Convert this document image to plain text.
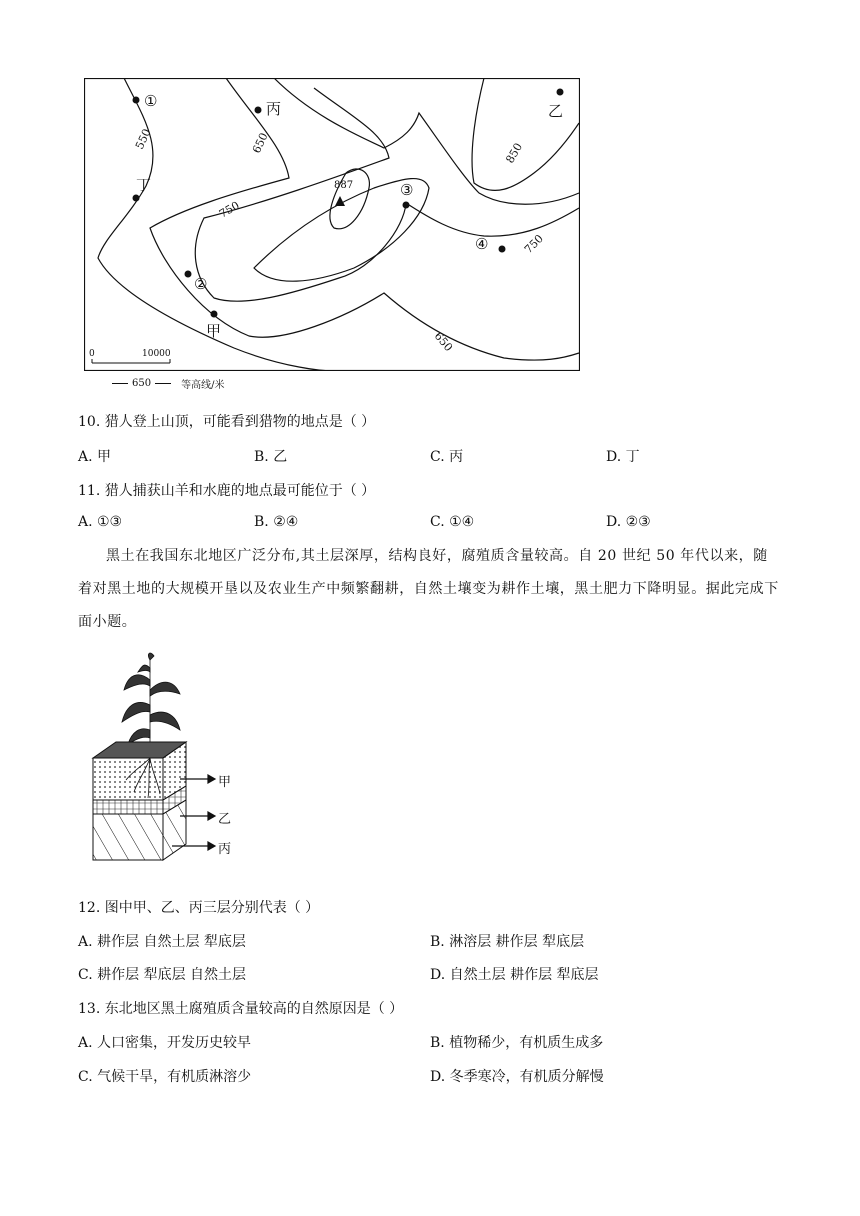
550	650
750
850
750
650
①	丙	乙
丁	③
④
②
甲
887
0	10000
650	等高线/米
10. 猎人登上山顶，可能看到猎物的地点是（ ）
A. 甲	B. 乙	C. 丙	D. 丁
11. 猎人捕获山羊和水鹿的地点最可能位于（ ）
A. ①③	B. ②④	C. ①④	D. ②③
黑土在我国东北地区广泛分布,其土层深厚，结构良好，腐殖质含量较高。自 20 世纪 50 年代以来，随着对黑土地的大规模开垦以及农业生产中频繁翻耕，自然土壤变为耕作土壤，黑土肥力下降明显。据此完成下面小题。
甲
乙
丙
12. 图中甲、乙、丙三层分别代表（ ）
A. 耕作层 自然土层 犁底层	B. 淋溶层 耕作层 犁底层
C. 耕作层 犁底层 自然土层	D. 自然土层 耕作层 犁底层
13. 东北地区黑土腐殖质含量较高的自然原因是（ ）
A. 人口密集，开发历史较早	B. 植物稀少，有机质生成多
C. 气候干旱，有机质淋溶少	D. 冬季寒冷，有机质分解慢
